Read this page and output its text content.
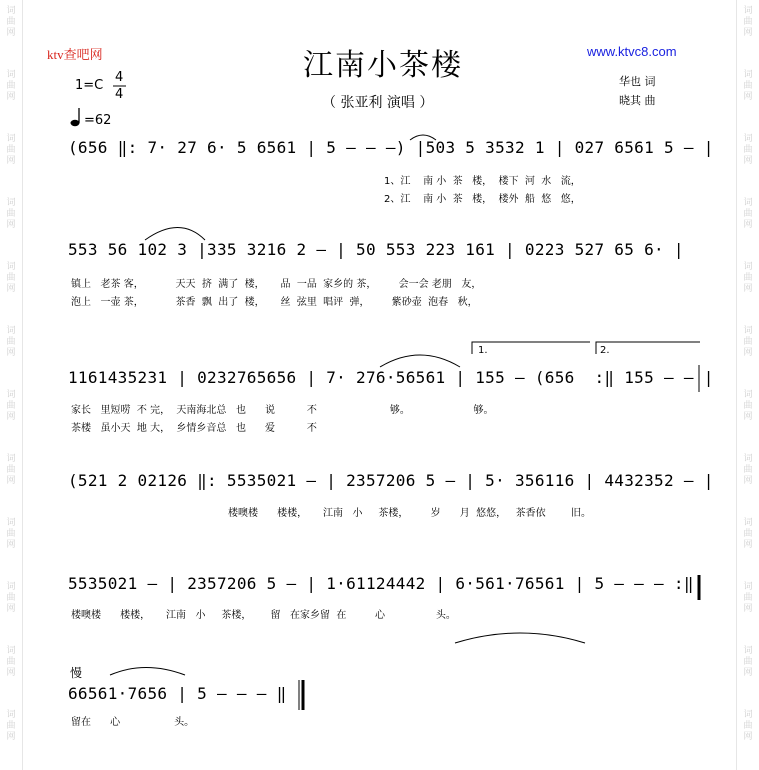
词
曲
网
词
曲
网
词
曲
网
词
曲
网
词
曲
网
词
曲
网
词
曲
网
词
曲
网
词
曲
网
词
曲
网
词
曲
网
词
曲
网
词
曲
网
词
曲
网
词
曲
网
词
曲
网
词
曲
网
词
曲
网
词
曲
网
词
曲
网
词
曲
网
词
曲
网
词
曲
网
词
曲
网
ktv查吧网	www.ktvc8.com
江南小茶楼
（ 张亚利 演唱 ）
华也 词
晓其 曲
1=C
4
4
=62
(656 ‖: 7· 27 6· 5 6561 | 5 – – –) |503 5 3532 1 | 027 6561 5 – |
1、江    南 小  茶   楼，  楼下  河  水   流，
2、江    南 小  茶   楼，  楼外  船  悠   悠，
553 56 102 3 |335 3216 2 – | 50 553 223 161 | 0223 527 65 6· |
镇上   老茶 客，          天天  挤  满了  楼，     品  一品  家乡的 茶，       会一会 老朋   友，
泡上   一壶 茶，          茶香  飘  出了  楼，     丝  弦里  唱评  弹，       紫砂壶  泡春   秋，
1.	2.
1161435231 | 0232765656 | 7· 276·56561 | 155 – (656  :‖ 155 – – |
家长   里短唠  不 完，  天南海北总   也      说          不                       够。                    够。
茶楼   虽小天  地 大，  乡情乡音总   也      爱          不
(521 2 02126 ‖: 5535021 – | 2357206 5 – | 5· 356116 | 4432352 – |
楼噢楼      楼楼，     江南   小     茶楼，       岁      月  悠悠，   茶香依        旧。
5535021 – | 2357206 5 – | 1·61124442 | 6·561·76561 | 5 – – – :‖
楼噢楼      楼楼，     江南   小     茶楼，      留   在家乡留  在         心                头。
慢
66561·7656 | 5 – – – ‖
留在      心                 头。
